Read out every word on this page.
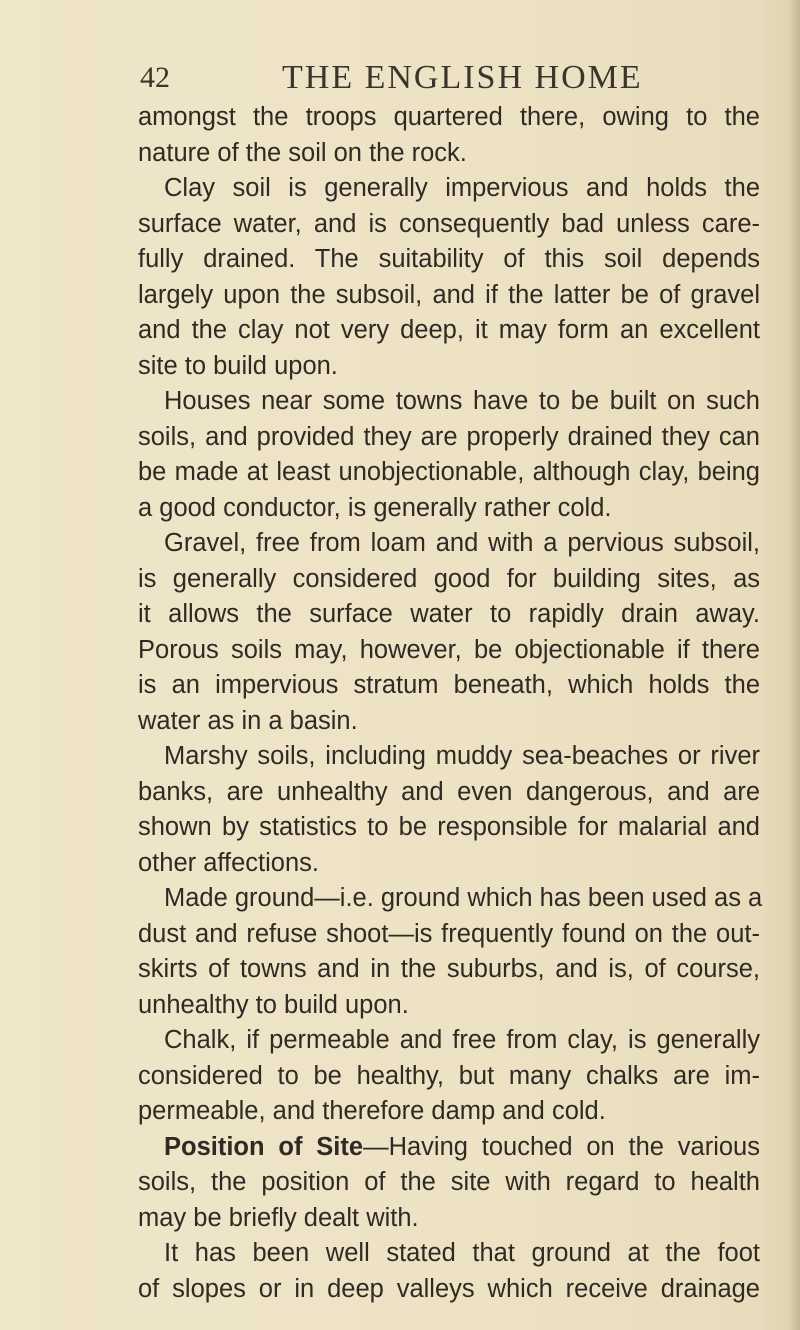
42	THE ENGLISH HOME
amongst the troops quartered there, owing to the
nature of the soil on the rock.
Clay soil is generally impervious and holds the
surface water, and is consequently bad unless care-
fully drained. The suitability of this soil depends
largely upon the subsoil, and if the latter be of gravel
and the clay not very deep, it may form an excellent
site to build upon.
Houses near some towns have to be built on such
soils, and provided they are properly drained they can
be made at least unobjectionable, although clay, being
a good conductor, is generally rather cold.
Gravel, free from loam and with a pervious subsoil,
is generally considered good for building sites, as
it allows the surface water to rapidly drain away.
Porous soils may, however, be objectionable if there
is an impervious stratum beneath, which holds the
water as in a basin.
Marshy soils, including muddy sea-beaches or river
banks, are unhealthy and even dangerous, and are
shown by statistics to be responsible for malarial and
other affections.
Made ground—i.e. ground which has been used as a
dust and refuse shoot—is frequently found on the out-
skirts of towns and in the suburbs, and is, of course,
unhealthy to build upon.
Chalk, if permeable and free from clay, is generally
considered to be healthy, but many chalks are im-
permeable, and therefore damp and cold.
Position of Site—Having touched on the various
soils, the position of the site with regard to health
may be briefly dealt with.
It has been well stated that ground at the foot
of slopes or in deep valleys which receive drainage
